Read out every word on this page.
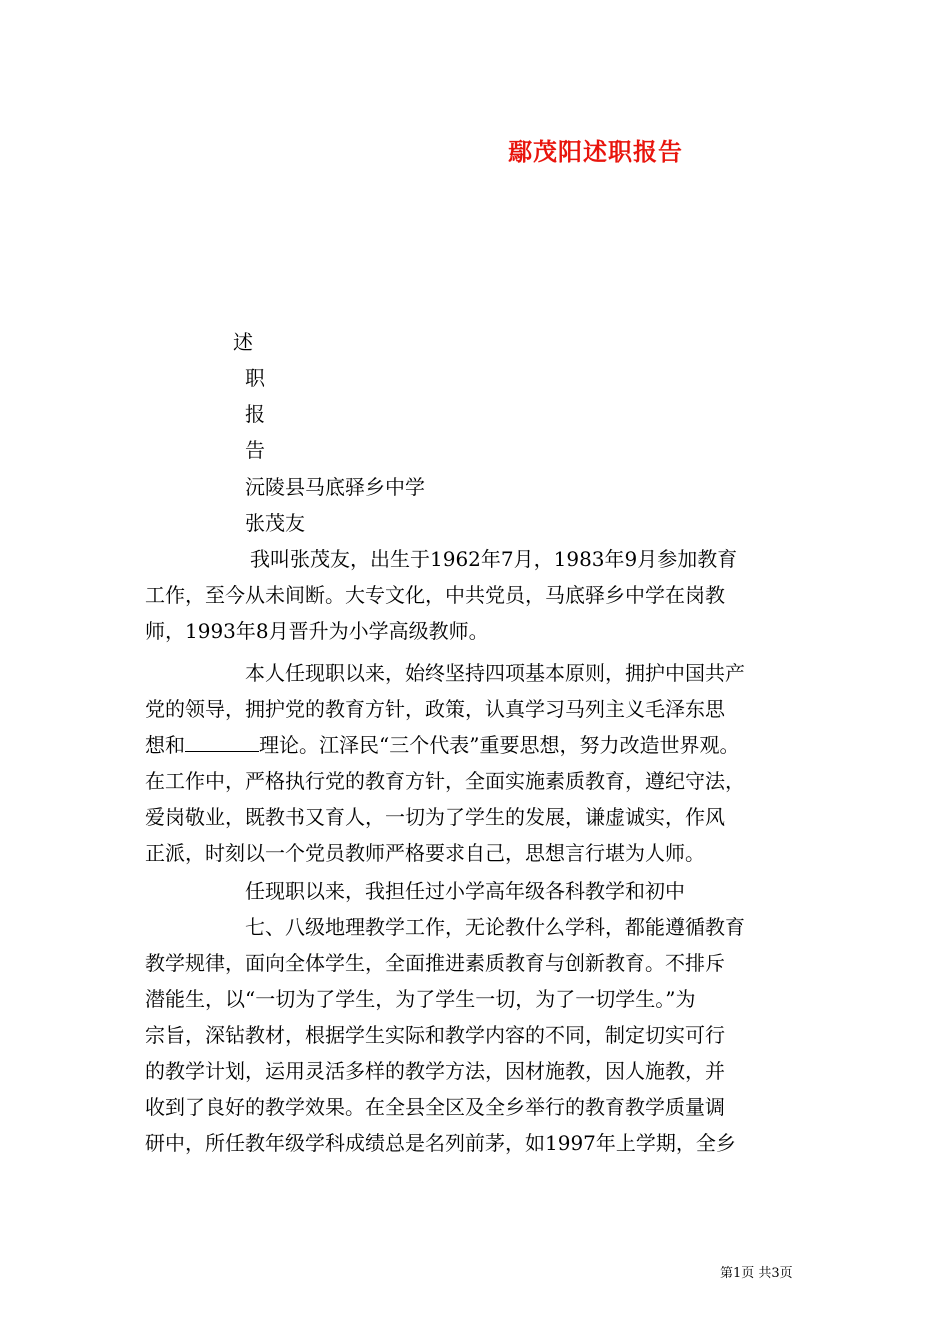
鄢茂阳述职报告
述
职
报
告
沅陵县马底驿乡中学
张茂友
我叫张茂友，出生于1962年7月，1983年9月参加教育
工作，至今从未间断。大专文化，中共党员，马底驿乡中学在岗教
师，1993年8月晋升为小学高级教师。
本人任现职以来，始终坚持四项基本原则，拥护中国共产
党的领导，拥护党的教育方针，政策，认真学习马列主义毛泽东思
想和	理论。江泽民“三个代表”重要思想，努力改造世界观。
在工作中，严格执行党的教育方针，全面实施素质教育，遵纪守法，
爱岗敬业，既教书又育人，一切为了学生的发展，谦虚诚实，作风
正派，时刻以一个党员教师严格要求自己，思想言行堪为人师。
任现职以来，我担任过小学高年级各科教学和初中
七、八级地理教学工作，无论教什么学科，都能遵循教育
教学规律，面向全体学生，全面推进素质教育与创新教育。不排斥
潜能生，以“一切为了学生，为了学生一切，为了一切学生。”为
宗旨，深钻教材，根据学生实际和教学内容的不同，制定切实可行
的教学计划，运用灵活多样的教学方法，因材施教，因人施教，并
收到了良好的教学效果。在全县全区及全乡举行的教育教学质量调
研中，所任教年级学科成绩总是名列前茅，如1997年上学期，全乡
第1页 共3页
